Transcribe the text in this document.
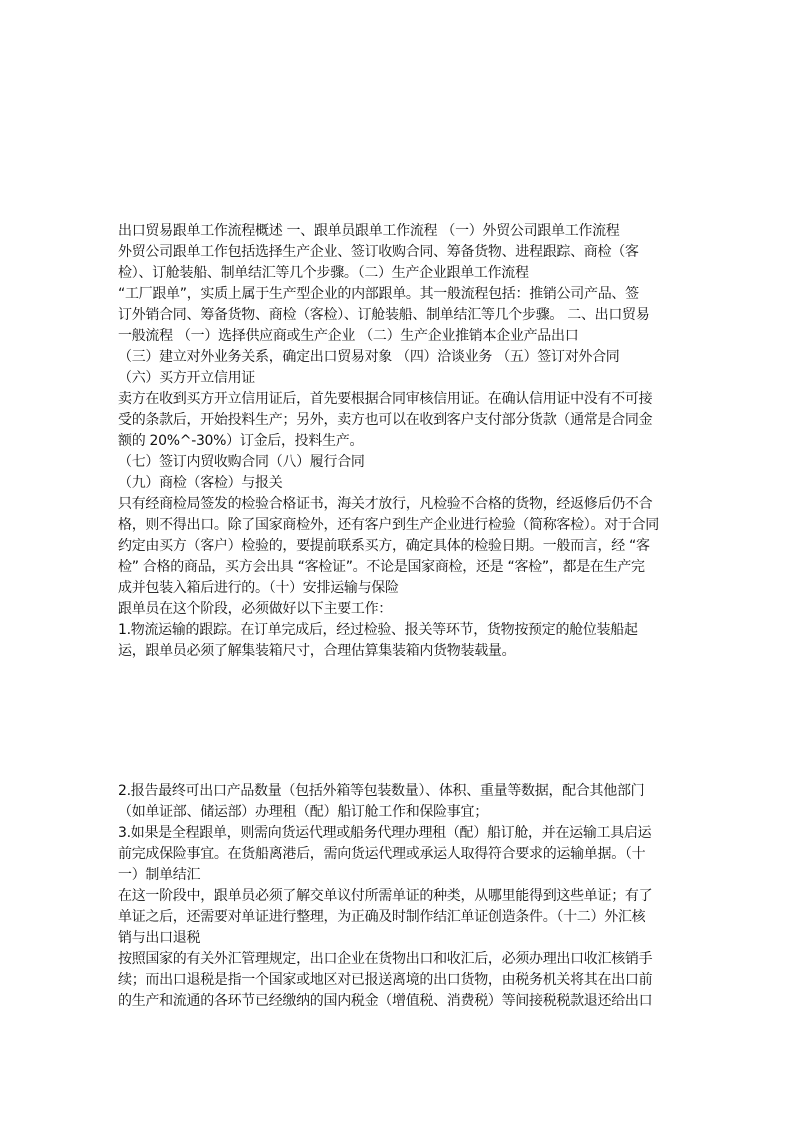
出口贸易跟单工作流程概述 一、跟单员跟单工作流程 （一）外贸公司跟单工作流程
外贸公司跟单工作包括选择生产企业、签订收购合同、筹备货物、进程跟踪、商检（客
检）、订舱装船、制单结汇等几个步骤。（二）生产企业跟单工作流程
“工厂跟单”，实质上属于生产型企业的内部跟单。其一般流程包括：推销公司产品、签
订外销合同、筹备货物、商检（客检）、订舱装船、制单结汇等几个步骤。 二、出口贸易
一般流程 （一）选择供应商或生产企业 （二）生产企业推销本企业产品出口
（三）建立对外业务关系，确定出口贸易对象 （四）洽谈业务 （五）签订对外合同
（六）买方开立信用证
卖方在收到买方开立信用证后，首先要根据合同审核信用证。在确认信用证中没有不可接
受的条款后，开始投料生产；另外，卖方也可以在收到客户支付部分货款（通常是合同金
额的 20%^-30%）订金后，投料生产。
（七）签订内贸收购合同（八）履行合同
（九）商检（客检）与报关
只有经商检局签发的检验合格证书，海关才放行，凡检验不合格的货物，经返修后仍不合
格，则不得出口。除了国家商检外，还有客户到生产企业进行检验（简称客检）。对于合同
约定由买方（客户）检验的，要提前联系买方，确定具体的检验日期。一般而言，经 “客
检” 合格的商品，买方会出具 “客检证”。不论是国家商检，还是 “客检”，都是在生产完
成并包装入箱后进行的。（十）安排运输与保险
跟单员在这个阶段，必须做好以下主要工作：
1.物流运输的跟踪。在订单完成后，经过检验、报关等环节，货物按预定的舱位装船起
运，跟单员必须了解集装箱尺寸，合理估算集装箱内货物装载量。
2.报告最终可出口产品数量（包括外箱等包装数量）、体积、重量等数据，配合其他部门
（如单证部、储运部）办理租（配）船订舱工作和保险事宜；
3.如果是全程跟单，则需向货运代理或船务代理办理租（配）船订舱，并在运输工具启运
前完成保险事宜。在货船离港后，需向货运代理或承运人取得符合要求的运输单据。（十
一）制单结汇
在这一阶段中，跟单员必须了解交单议付所需单证的种类，从哪里能得到这些单证；有了
单证之后，还需要对单证进行整理，为正确及时制作结汇单证创造条件。（十二）外汇核
销与出口退税
按照国家的有关外汇管理规定，出口企业在货物出口和收汇后，必须办理出口收汇核销手
续；而出口退税是指一个国家或地区对已报送离境的出口货物，由税务机关将其在出口前
的生产和流通的各环节已经缴纳的国内税金（增值税、消费税）等间接税税款退还给出口
